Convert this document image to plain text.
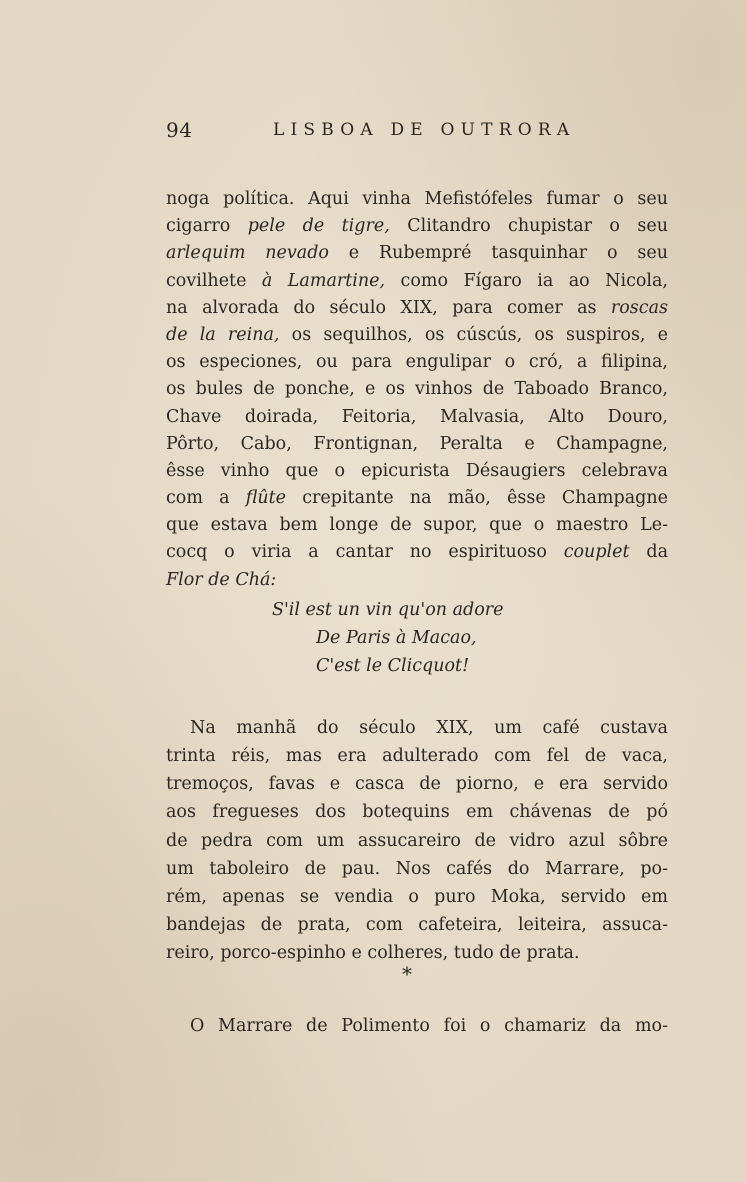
94	LISBOA DE OUTRORA
noga política. Aqui vinha Mefistófeles fumar o seu
cigarro pele de tigre, Clitandro chupistar o seu
arlequim nevado e Rubempré tasquinhar o seu
covilhete à Lamartine, como Fígaro ia ao Nicola,
na alvorada do século XIX, para comer as roscas
de la reina, os sequilhos, os cúscús, os suspiros, e
os especiones, ou para engulipar o cró, a filipina,
os bules de ponche, e os vinhos de Taboado Branco,
Chave doirada, Feitoria, Malvasia, Alto Douro,
Pôrto, Cabo, Frontignan, Peralta e Champagne,
êsse vinho que o epicurista Désaugiers celebrava
com a flûte crepitante na mão, êsse Champagne
que estava bem longe de supor, que o maestro Le-
cocq o viria a cantar no espirituoso couplet da
Flor de Chá:
S'il est un vin qu'on adore
De Paris à Macao,
C'est le Clicquot!
Na manhã do século XIX, um café custava
trinta réis, mas era adulterado com fel de vaca,
tremoços, favas e casca de piorno, e era servido
aos fregueses dos botequins em chávenas de pó
de pedra com um assucareiro de vidro azul sôbre
um taboleiro de pau. Nos cafés do Marrare, po-
rém, apenas se vendia o puro Moka, servido em
bandejas de prata, com cafeteira, leiteira, assuca-
reiro, porco-espinho e colheres, tudo de prata.
*
O Marrare de Polimento foi o chamariz da mo-
